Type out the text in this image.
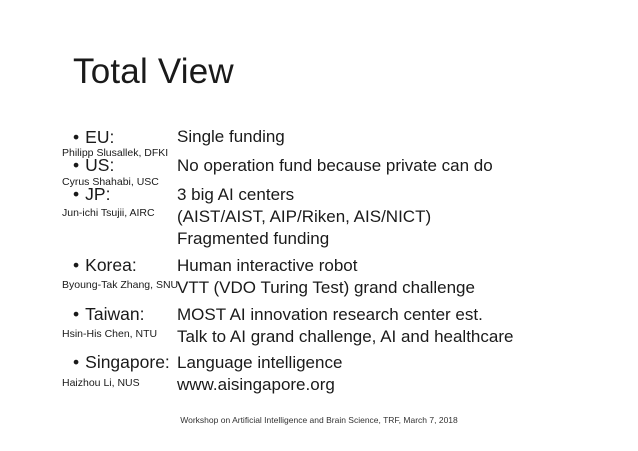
Total View
• EU:
Philipp Slusallek, DFKI
Single funding
• US:
Cyrus Shahabi, USC
No operation fund because private can do
• JP:
Jun-ichi Tsujii, AIRC
3 big AI centers
(AIST/AIST, AIP/Riken, AIS/NICT)
Fragmented funding
• Korea:
Byoung-Tak Zhang, SNU
Human interactive robot
VTT (VDO Turing Test) grand challenge
• Taiwan:
Hsin-His Chen, NTU
MOST AI innovation research center est.
Talk to AI grand challenge, AI and healthcare
• Singapore:
Haizhou Li, NUS
Language intelligence
www.aisingapore.org
Workshop on Artificial Intelligence and Brain Science, TRF, March 7, 2018
